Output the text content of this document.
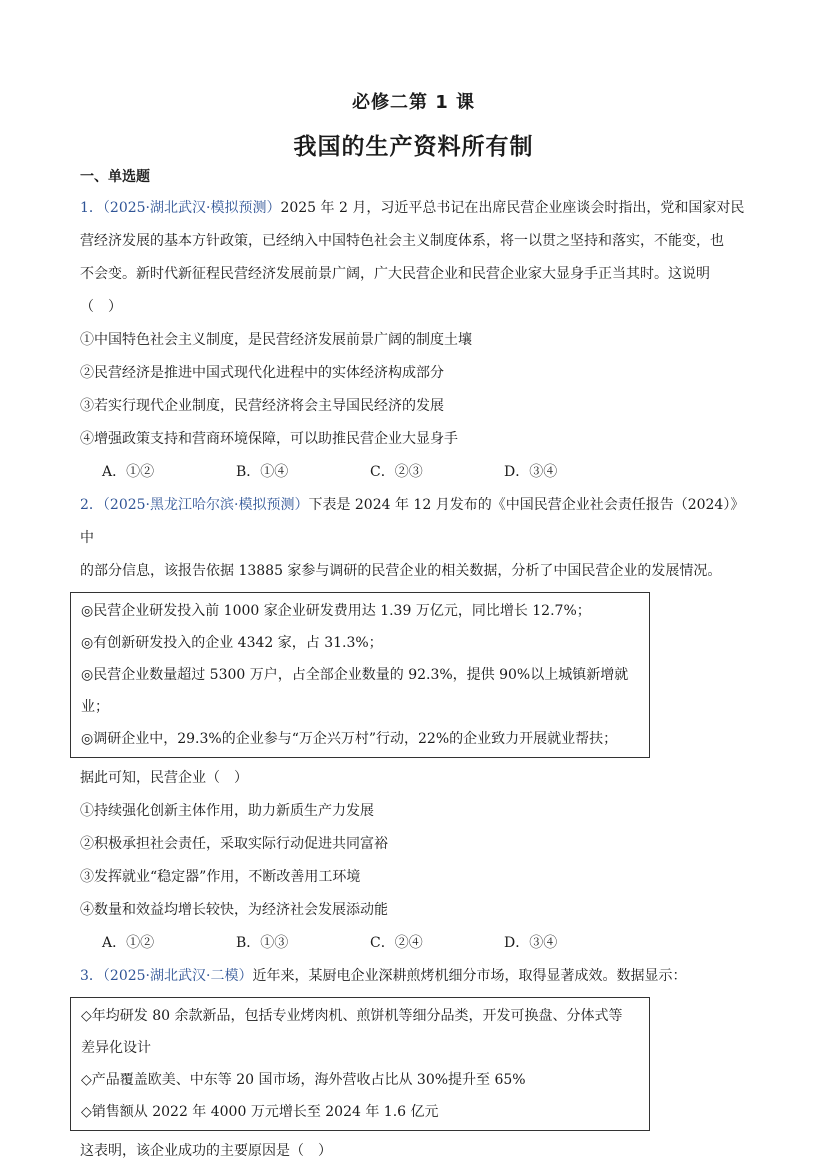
必修二第 1 课
我国的生产资料所有制
一、单选题

1．（2025·湖北武汉·模拟预测）2025 年 2 月，习近平总书记在出席民营企业座谈会时指出，党和国家对民

营经济发展的基本方针政策，已经纳入中国特色社会主义制度体系，将一以贯之坚持和落实，不能变，也

不会变。新时代新征程民营经济发展前景广阔，广大民营企业和民营企业家大显身手正当其时。这说明

（　）

①中国特色社会主义制度，是民营经济发展前景广阔的制度土壤

②民营经济是推进中国式现代化进程中的实体经济构成部分

③若实行现代企业制度，民营经济将会主导国民经济的发展

④增强政策支持和营商环境保障，可以助推民营企业大显身手

A．①②	B．①④	C．②③	D．③④

2．（2025·黑龙江哈尔滨·模拟预测）下表是 2024 年 12 月发布的《中国民营企业社会责任报告（2024）》中

的部分信息，该报告依据 13885 家参与调研的民营企业的相关数据，分析了中国民营企业的发展情况。

◎民营企业研发投入前 1000 家企业研发费用达 1.39 万亿元，同比增长 12.7%；

◎有创新研发投入的企业 4342 家，占 31.3%；

◎民营企业数量超过 5300 万户，占全部企业数量的 92.3%，提供 90%以上城镇新增就业；

◎调研企业中，29.3%的企业参与“万企兴万村”行动，22%的企业致力开展就业帮扶；

据此可知，民营企业（　）

①持续强化创新主体作用，助力新质生产力发展

②积极承担社会责任，采取实际行动促进共同富裕

③发挥就业“稳定器”作用，不断改善用工环境

④数量和效益均增长较快，为经济社会发展添动能

A．①②	B．①③	C．②④	D．③④

3．（2025·湖北武汉·二模）近年来，某厨电企业深耕煎烤机细分市场，取得显著成效。数据显示：

◇年均研发 80 余款新品，包括专业烤肉机、煎饼机等细分品类，开发可换盘、分体式等

差异化设计

◇产品覆盖欧美、中东等 20 国市场，海外营收占比从 30%提升至 65%

◇销售额从 2022 年 4000 万元增长至 2024 年 1.6 亿元

这表明，该企业成功的主要原因是（　）
